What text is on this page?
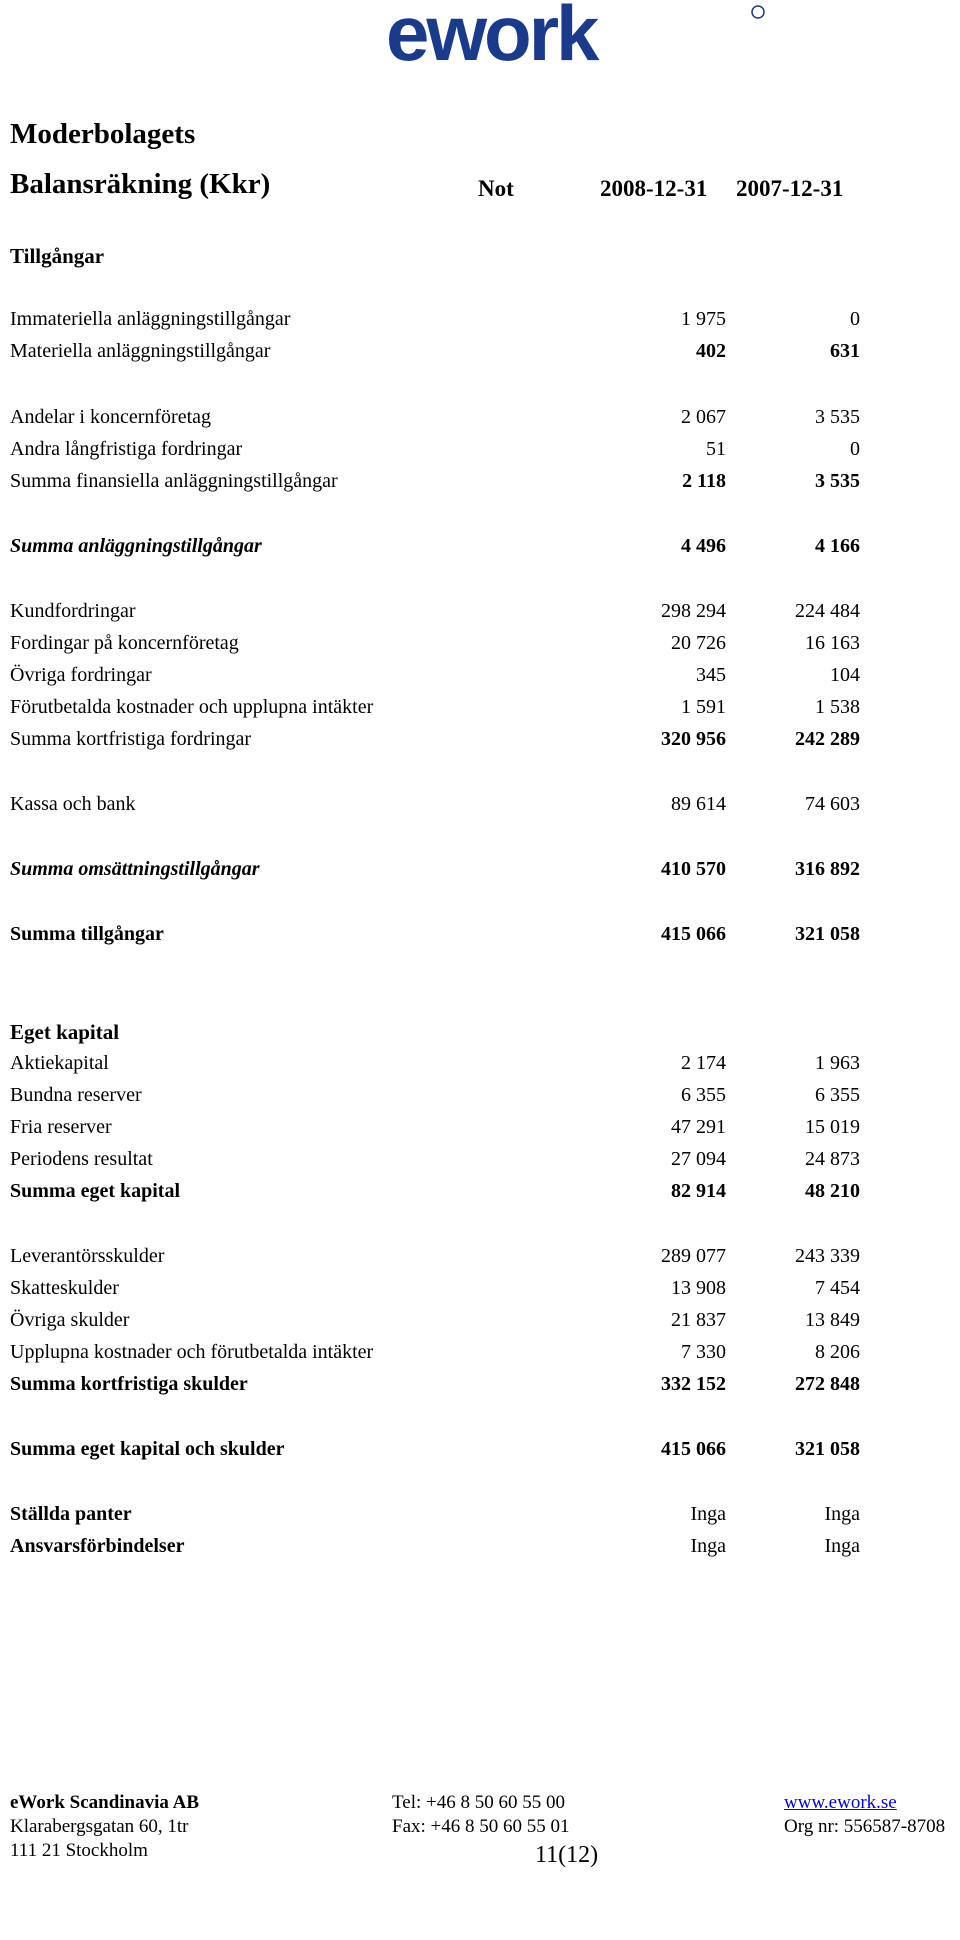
ework
Moderbolagets
Balansräkning (Kkr)	Not	2008-12-31 2007-12-31
Tillgångar
Eget kapital
Immateriella anläggningstillgångar	1 975	0
Materiella anläggningstillgångar	402	631
Andelar i koncernföretag	2 067	3 535
Andra långfristiga fordringar	51	0
Summa finansiella anläggningstillgångar	2 118	3 535
Summa anläggningstillgångar	4 496	4 166
Kundfordringar	298 294	224 484
Fordingar på koncernföretag	20 726	16 163
Övriga fordringar	345	104
Förutbetalda kostnader och upplupna intäkter	1 591	1 538
Summa kortfristiga fordringar	320 956	242 289
Kassa och bank	89 614	74 603
Summa omsättningstillgångar	410 570	316 892
Summa tillgångar	415 066	321 058
Aktiekapital	2 174	1 963
Bundna reserver	6 355	6 355
Fria reserver	47 291	15 019
Periodens resultat	27 094	24 873
Summa eget kapital	82 914	48 210
Leverantörsskulder	289 077	243 339
Skatteskulder	13 908	7 454
Övriga skulder	21 837	13 849
Upplupna kostnader och förutbetalda intäkter	7 330	8 206
Summa kortfristiga skulder	332 152	272 848
Summa eget kapital och skulder	415 066	321 058
Ställda panter	Inga	Inga
Ansvarsförbindelser	Inga	Inga
eWork Scandinavia AB
Klarabergsgatan 60, 1tr
111 21 Stockholm
Tel: +46 8 50 60 55 00
Fax: +46 8 50 60 55 01
www.ework.se
Org nr: 556587-8708
11(12)
